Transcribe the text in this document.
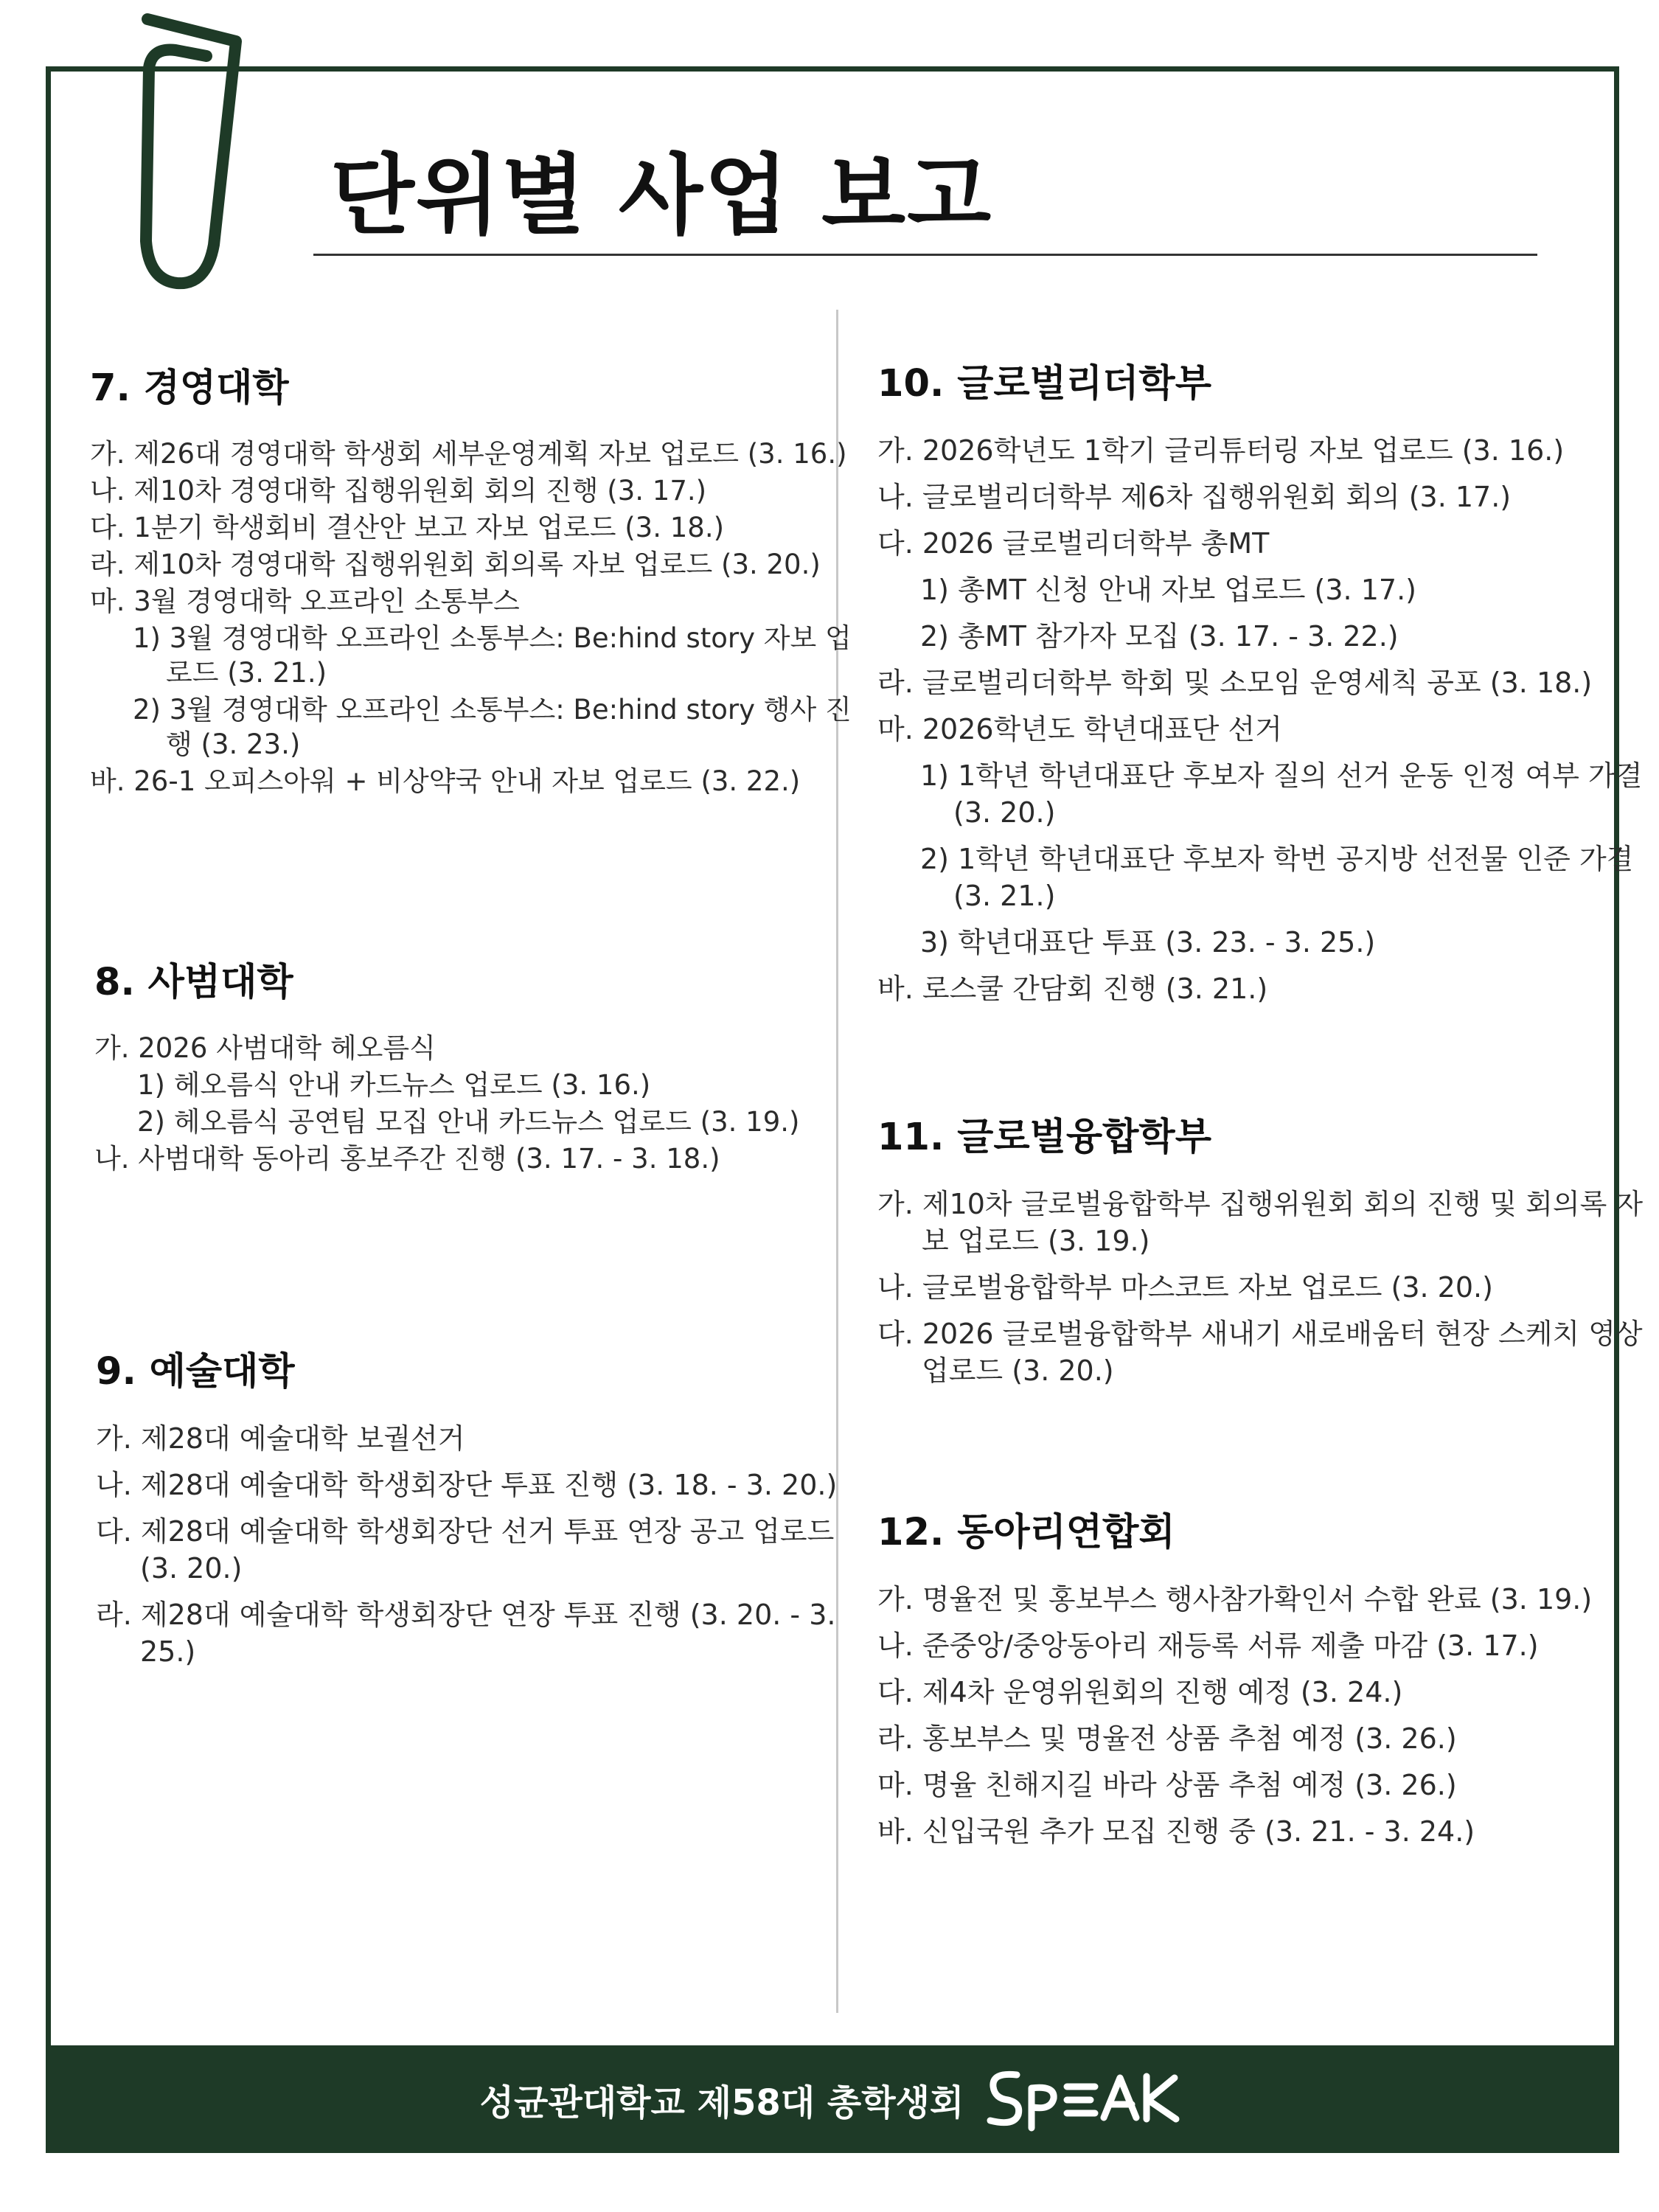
단위별 사업 보고
7. 경영대학
가. 제26대 경영대학 학생회 세부운영계획 자보 업로드 (3. 16.)
나. 제10차 경영대학 집행위원회 회의 진행 (3. 17.)
다. 1분기 학생회비 결산안 보고 자보 업로드 (3. 18.)
라. 제10차 경영대학 집행위원회 회의록 자보 업로드 (3. 20.)
마. 3월 경영대학 오프라인 소통부스
1) 3월 경영대학 오프라인 소통부스: Be:hind story 자보 업로드 (3. 21.)
2) 3월 경영대학 오프라인 소통부스: Be:hind story 행사 진행 (3. 23.)
바. 26-1 오피스아워 + 비상약국 안내 자보 업로드 (3. 22.)
8. 사범대학
가. 2026 사범대학 헤오름식
1) 헤오름식 안내 카드뉴스 업로드 (3. 16.)
2) 헤오름식 공연팀 모집 안내 카드뉴스 업로드 (3. 19.)
나. 사범대학 동아리 홍보주간 진행 (3. 17. - 3. 18.)
9. 예술대학
가. 제28대 예술대학 보궐선거
나. 제28대 예술대학 학생회장단 투표 진행 (3. 18. - 3. 20.)
다. 제28대 예술대학 학생회장단 선거 투표 연장 공고 업로드 (3. 20.)
라. 제28대 예술대학 학생회장단 연장 투표 진행 (3. 20. - 3. 25.)
10. 글로벌리더학부
가. 2026학년도 1학기 글리튜터링 자보 업로드 (3. 16.)
나. 글로벌리더학부 제6차 집행위원회 회의 (3. 17.)
다. 2026 글로벌리더학부 총MT
1) 총MT 신청 안내 자보 업로드 (3. 17.)
2) 총MT 참가자 모집 (3. 17. - 3. 22.)
라. 글로벌리더학부 학회 및 소모임 운영세칙 공포 (3. 18.)
마. 2026학년도 학년대표단 선거
1) 1학년 학년대표단 후보자 질의 선거 운동 인정 여부 가결 (3. 20.)
2) 1학년 학년대표단 후보자 학번 공지방 선전물 인준 가결 (3. 21.)
3) 학년대표단 투표 (3. 23. - 3. 25.)
바. 로스쿨 간담회 진행 (3. 21.)
11. 글로벌융합학부
가. 제10차 글로벌융합학부 집행위원회 회의 진행 및 회의록 자보 업로드 (3. 19.)
나. 글로벌융합학부 마스코트 자보 업로드 (3. 20.)
다. 2026 글로벌융합학부 새내기 새로배움터 현장 스케치 영상 업로드 (3. 20.)
12. 동아리연합회
가. 명율전 및 홍보부스 행사참가확인서 수합 완료 (3. 19.)
나. 준중앙/중앙동아리 재등록 서류 제출 마감 (3. 17.)
다. 제4차 운영위원회의 진행 예정 (3. 24.)
라. 홍보부스 및 명율전 상품 추첨 예정 (3. 26.)
마. 명율 친해지길 바라 상품 추첨 예정 (3. 26.)
바. 신입국원 추가 모집 진행 중 (3. 21. - 3. 24.)
성균관대학교 제58대 총학생회
